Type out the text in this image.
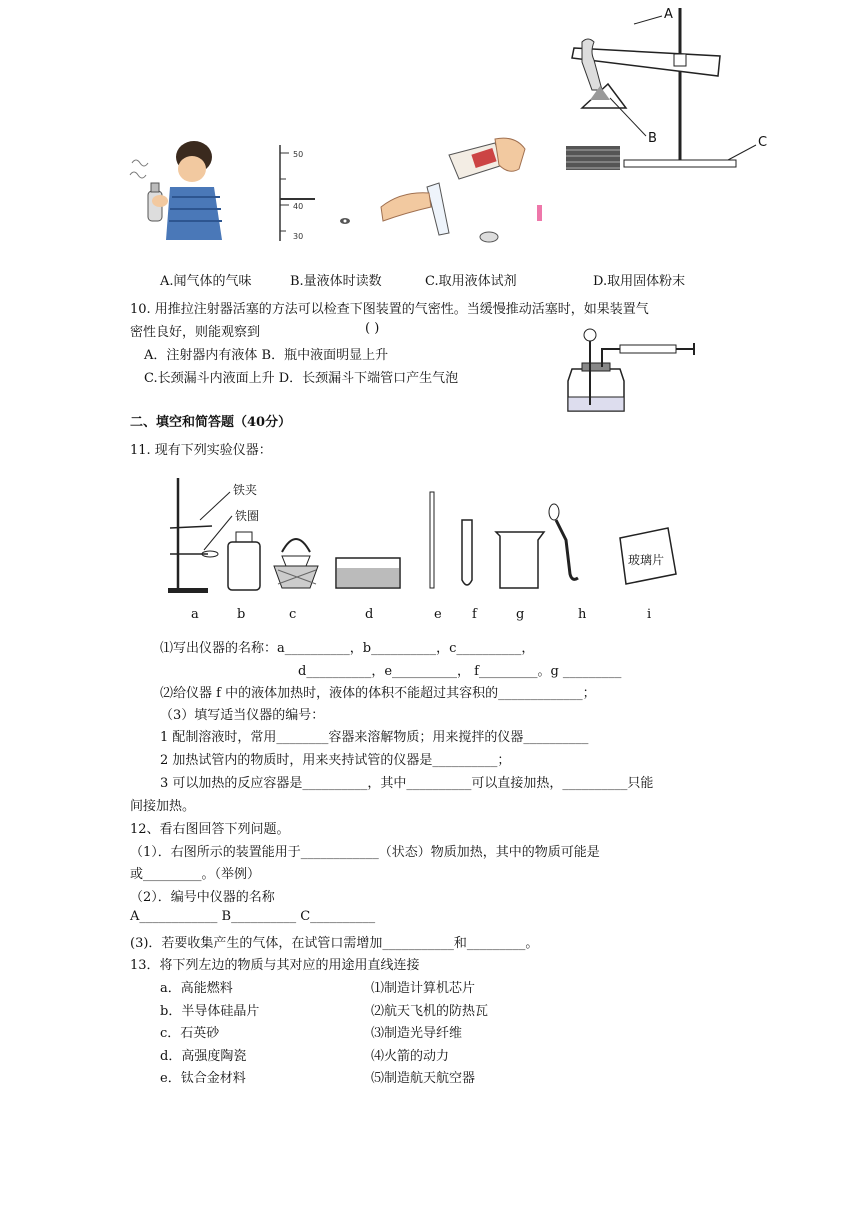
50
40
30
A
B	C
A.闻气体的气味	B.量液体时读数	C.取用液体试剂	D.取用固体粉末
10. 用推拉注射器活塞的方法可以检查下图装置的气密性。当缓慢推动活塞时，如果装置气
密性良好，则能观察到	( )
A．注射器内有液体 B．瓶中液面明显上升
C.长颈漏斗内液面上升 D．长颈漏斗下端管口产生气泡
二、填空和简答题（40分）
11. 现有下列实验仪器：
铁夹
铁圈
玻璃片
a	b	c	d	e f	g	h	i
⑴写出仪器的名称：a__________，b__________，c__________，
d__________，e__________， f_________。g _________
⑵给仪器 f 中的液体加热时，液体的体积不能超过其容积的_____________；
（3）填写适当仪器的编号：
1 配制溶液时，常用________容器来溶解物质；用来搅拌的仪器__________
2 加热试管内的物质时，用来夹持试管的仪器是__________；
3 可以加热的反应容器是__________，其中__________可以直接加热，__________只能
间接加热。
12、看右图回答下列问题。
（1）．右图所示的装置能用于____________（状态）物质加热，其中的物质可能是
或_________。（举例）
（2）．编号中仪器的名称
A____________ B__________ C__________
(3)．若要收集产生的气体，在试管口需增加___________和_________。
13．将下列左边的物质与其对应的用途用直线连接
a．高能燃料
b．半导体硅晶片
c．石英砂
d．高强度陶瓷
e．钛合金材料
⑴制造计算机芯片
⑵航天飞机的防热瓦
⑶制造光导纤维
⑷火箭的动力
⑸制造航天航空器
